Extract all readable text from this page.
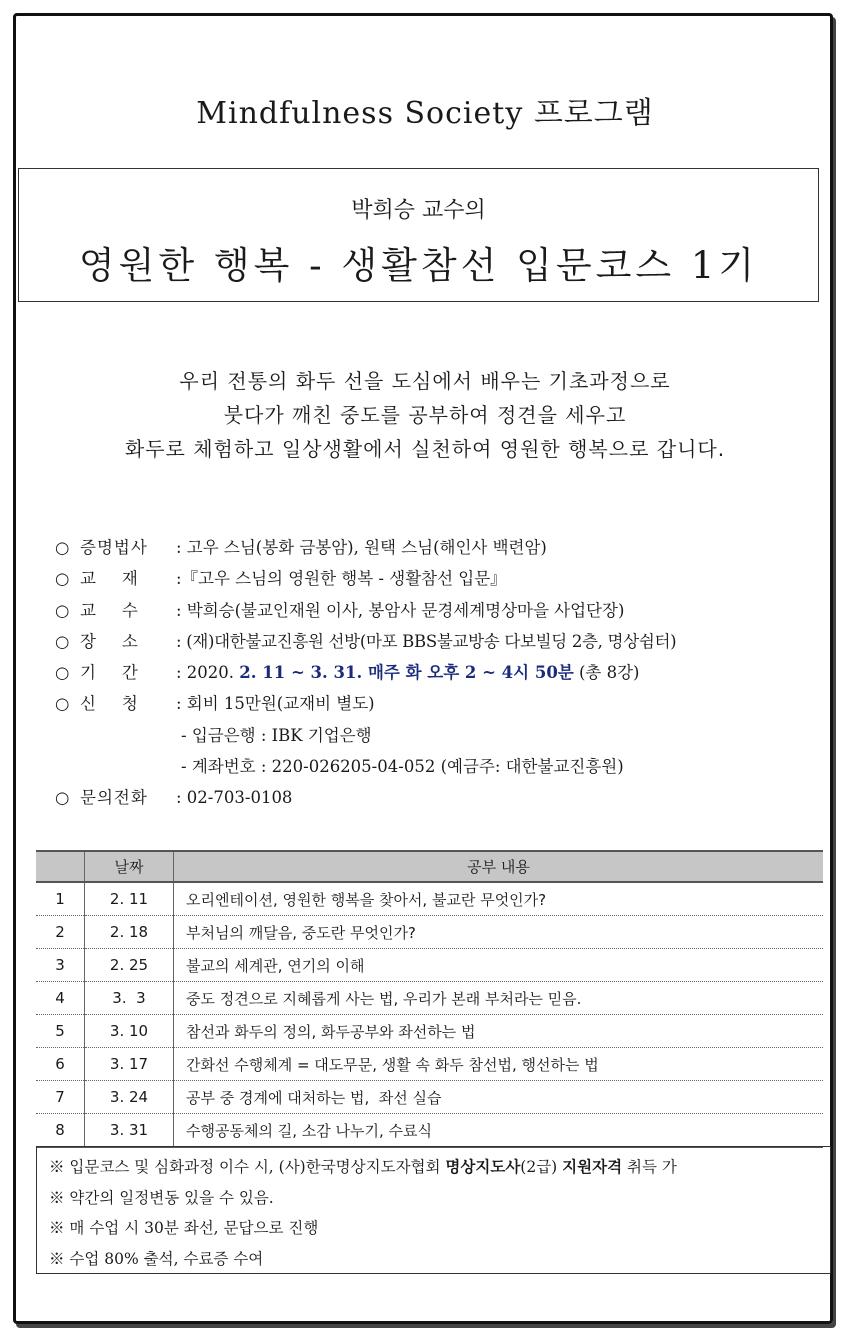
Mindfulness Society 프로그램
박희승 교수의
영원한 행복 - 생활참선 입문코스 1기
우리 전통의 화두 선을 도심에서 배우는 기초과정으로
붓다가 깨친 중도를 공부하여 정견을 세우고
화두로 체험하고 일상생활에서 실천하여 영원한 행복으로 갑니다.
○ 증명법사 : 고우 스님(봉화 금봉암), 원택 스님(해인사 백련암)
○ 교    재 :『고우 스님의 영원한 행복 - 생활참선 입문』
○ 교    수 : 박희승(불교인재원 이사, 봉암사 문경세계명상마을 사업단장)
○ 장    소 : (재)대한불교진흥원 선방(마포 BBS불교방송 다보빌딩 2층, 명상쉼터)
○ 기    간 : 2020. 2. 11 ~ 3. 31. 매주 화 오후 2 ~ 4시 50분 (총 8강)
○ 신    청 : 회비 15만원(교재비 별도)
- 입금은행 : IBK 기업은행
- 계좌번호 : 220-026205-04-052 (예금주: 대한불교진흥원)
○ 문의전화 : 02-703-0108
	날짜	공부 내용
1	2. 11	오리엔테이션, 영원한 행복을 찾아서, 불교란 무엇인가?
2	2. 18	부처님의 깨달음, 중도란 무엇인가?
3	2. 25	불교의 세계관, 연기의 이해
4	3.  3	중도 정견으로 지혜롭게 사는 법, 우리가 본래 부처라는 믿음.
5	3. 10	참선과 화두의 정의, 화두공부와 좌선하는 법
6	3. 17	간화선 수행체계 = 대도무문, 생활 속 화두 참선법, 행선하는 법
7	3. 24	공부 중 경계에 대처하는 법,  좌선 실습
8	3. 31	수행공동체의 길, 소감 나누기, 수료식
※ 입문코스 및 심화과정 이수 시, (사)한국명상지도자협회 명상지도사(2급) 지원자격 취득 가
※ 약간의 일정변동 있을 수 있음.
※ 매 수업 시 30분 좌선, 문답으로 진행
※ 수업 80% 출석, 수료증 수여
